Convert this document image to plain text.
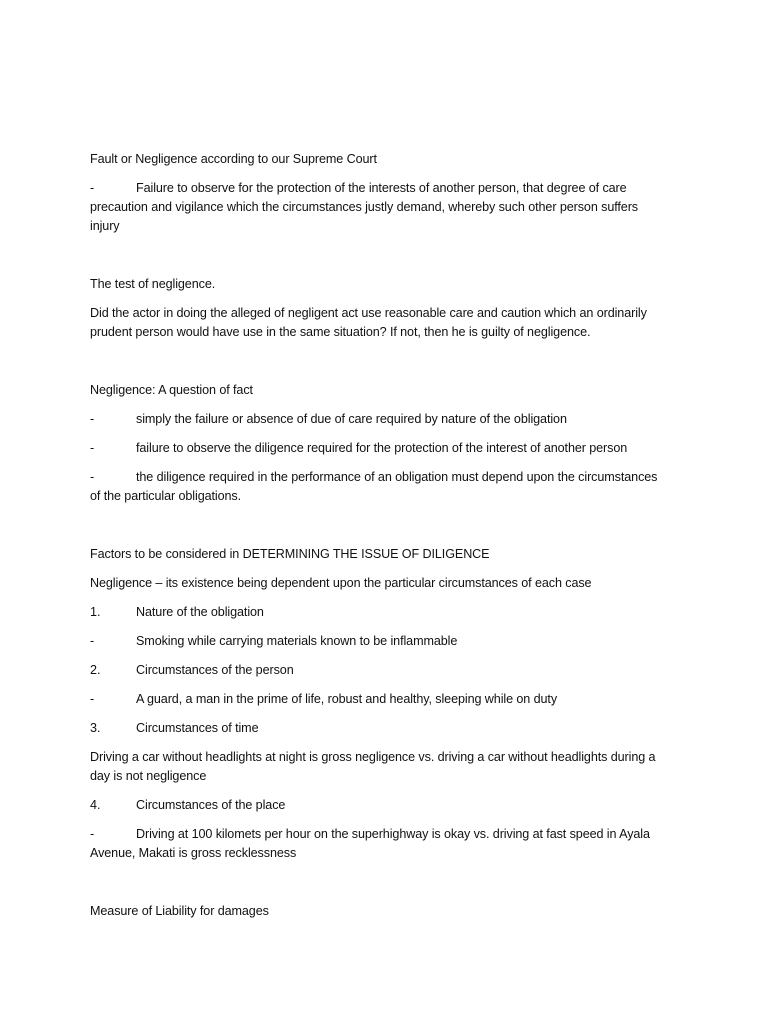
Fault or Negligence according to our Supreme Court
-	Failure to observe for the protection of the interests of another person, that degree of care
precaution and vigilance which the circumstances justly demand, whereby such other person suffers
injury
The test of negligence.
Did the actor in doing the alleged of negligent act use reasonable care and caution which an ordinarily
prudent person would have use in the same situation? If not, then he is guilty of negligence.
Negligence: A question of fact
-	simply the failure or absence of due of care required by nature of the obligation
-	failure to observe the diligence required for the protection of the interest of another person
-	the diligence required in the performance of an obligation must depend upon the circumstances
of the particular obligations.
Factors to be considered in DETERMINING THE ISSUE OF DILIGENCE
Negligence – its existence being dependent upon the particular circumstances of each case
1.	Nature of the obligation
-	Smoking while carrying materials known to be inflammable
2.	Circumstances of the person
-	A guard, a man in the prime of life, robust and healthy, sleeping while on duty
3.	Circumstances of time
Driving a car without headlights at night is gross negligence vs. driving a car without headlights during a
day is not negligence
4.	Circumstances of the place
-	Driving at 100 kilomets per hour on the superhighway is okay vs. driving at fast speed in Ayala
Avenue, Makati is gross recklessness
Measure of Liability for damages
